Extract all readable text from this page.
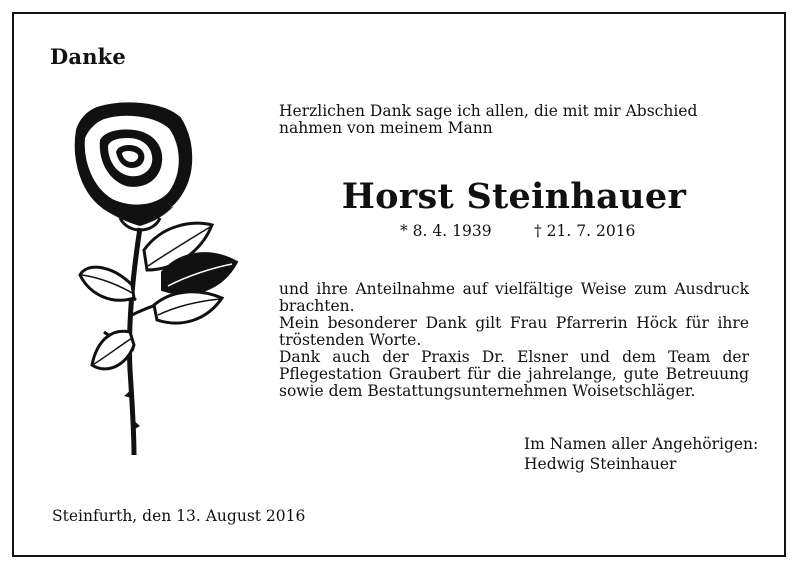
Danke
Herzlichen Dank sage ich allen, die mit mir Abschied nahmen von meinem Mann
Horst Steinhauer
* 8. 4. 1939	† 21. 7. 2016

und ihre Anteilnahme auf vielfältige Weise zum Ausdruck brachten.

Mein besonderer Dank gilt Frau Pfarrerin Höck für ihre tröstenden Worte.

Dank auch der Praxis Dr. Elsner und dem Team der Pflegestation Graubert für die jahrelange, gute Betreuung sowie dem Bestattungsunternehmen Woisetschläger.

Im Namen aller Angehörigen:
Hedwig Steinhauer
Steinfurth, den 13. August 2016
